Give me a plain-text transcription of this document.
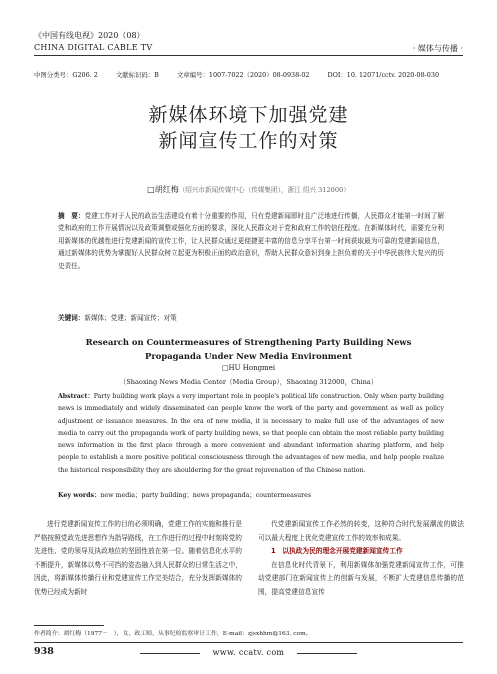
《中国有线电视》2020（08）
CHINA DIGITAL CABLE TV	· 媒体与传播 ·
中图分类号：G206. 2	文献标识码：B	文章编号：1007-7022（2020）08-0938-02	DOI：10. 12071/cctv. 2020-08-030
新媒体环境下加强党建
新闻宣传工作的对策
□胡红梅（绍兴市新闻传媒中心（传媒集团），浙江 绍兴 312000）
摘　要：党建工作对于人民的政治生活建设有着十分重要的作用，只有党建新闻即时且广泛地进行传播，人民群众才能第一时间了解党和政府的工作开展情况以及政策调整或强化方面的要求，深化人民群众对于党和政府工作的信任程度。在新媒体时代，需要充分利用新媒体的优越性进行党建新闻的宣传工作，让人民群众通过更便捷更丰富的信息分享平台第一时间获取最为可靠的党建新闻信息，通过新媒体的优势为掌握好人民群众树立起更为积极正面的政治意识，帮助人民群众意识到身上担负着的关于中华民族伟大复兴的历史责任。
关键词：新媒体；党建；新闻宣传；对策
Research on Countermeasures of Strengthening Party Building News
Propaganda Under New Media Environment
□HU Hongmei
（Shaoxing News Media Center（Media Group），Shaoxing 312000，China）
Abstract：Party building work plays a very important role in people's political life construction. Only when party building news is immediately and widely disseminated can people know the work of the party and government as well as policy adjustment or issuance measures. In the era of new media, it is necessary to make full use of the advantages of new media to carry out the propaganda work of party building news, so that people can obtain the most reliable party building news information in the first place through a more convenient and abundant information sharing platform, and help people to establish a more positive political consciousness through the advantages of new media, and help people realize the historical responsibility they are shouldering for the great rejuvenation of the Chinese nation.
Key words：new media；party building；news propaganda；countermeasures
进行党建新闻宣传工作的目的必须明确，党建工作的实施和推行是严格按照党政先进思想作为指导路线，在工作进行的过程中时刻将党的先进性、党的领导及执政地位的坚固性放在第一位。随着信息化水平的不断提升，新媒体以势不可挡的姿态融入到人民群众的日常生活之中，因此，将新媒体传播行业和党建宣传工作完美结合，充分发挥新媒体的优势已经成为新时

代党建新闻宣传工作必然的转变，这种符合时代发展潮流的做法可以最大程度上优化党建宣传工作的效率和成果。

1　以执政为民的理念开展党建新闻宣传工作

在信息化时代背景下，利用新媒体加强党建新闻宣传工作，可推动党建部门在新闻宣传上的创新与发展，不断扩大党建信息传播的范围，提高党建信息宣传

作者简介：胡红梅（1977－　），女，政工师，从事纪检监察审计工作，E-mail：zjsxhhm@163. com。
938	www. ccatv. com
